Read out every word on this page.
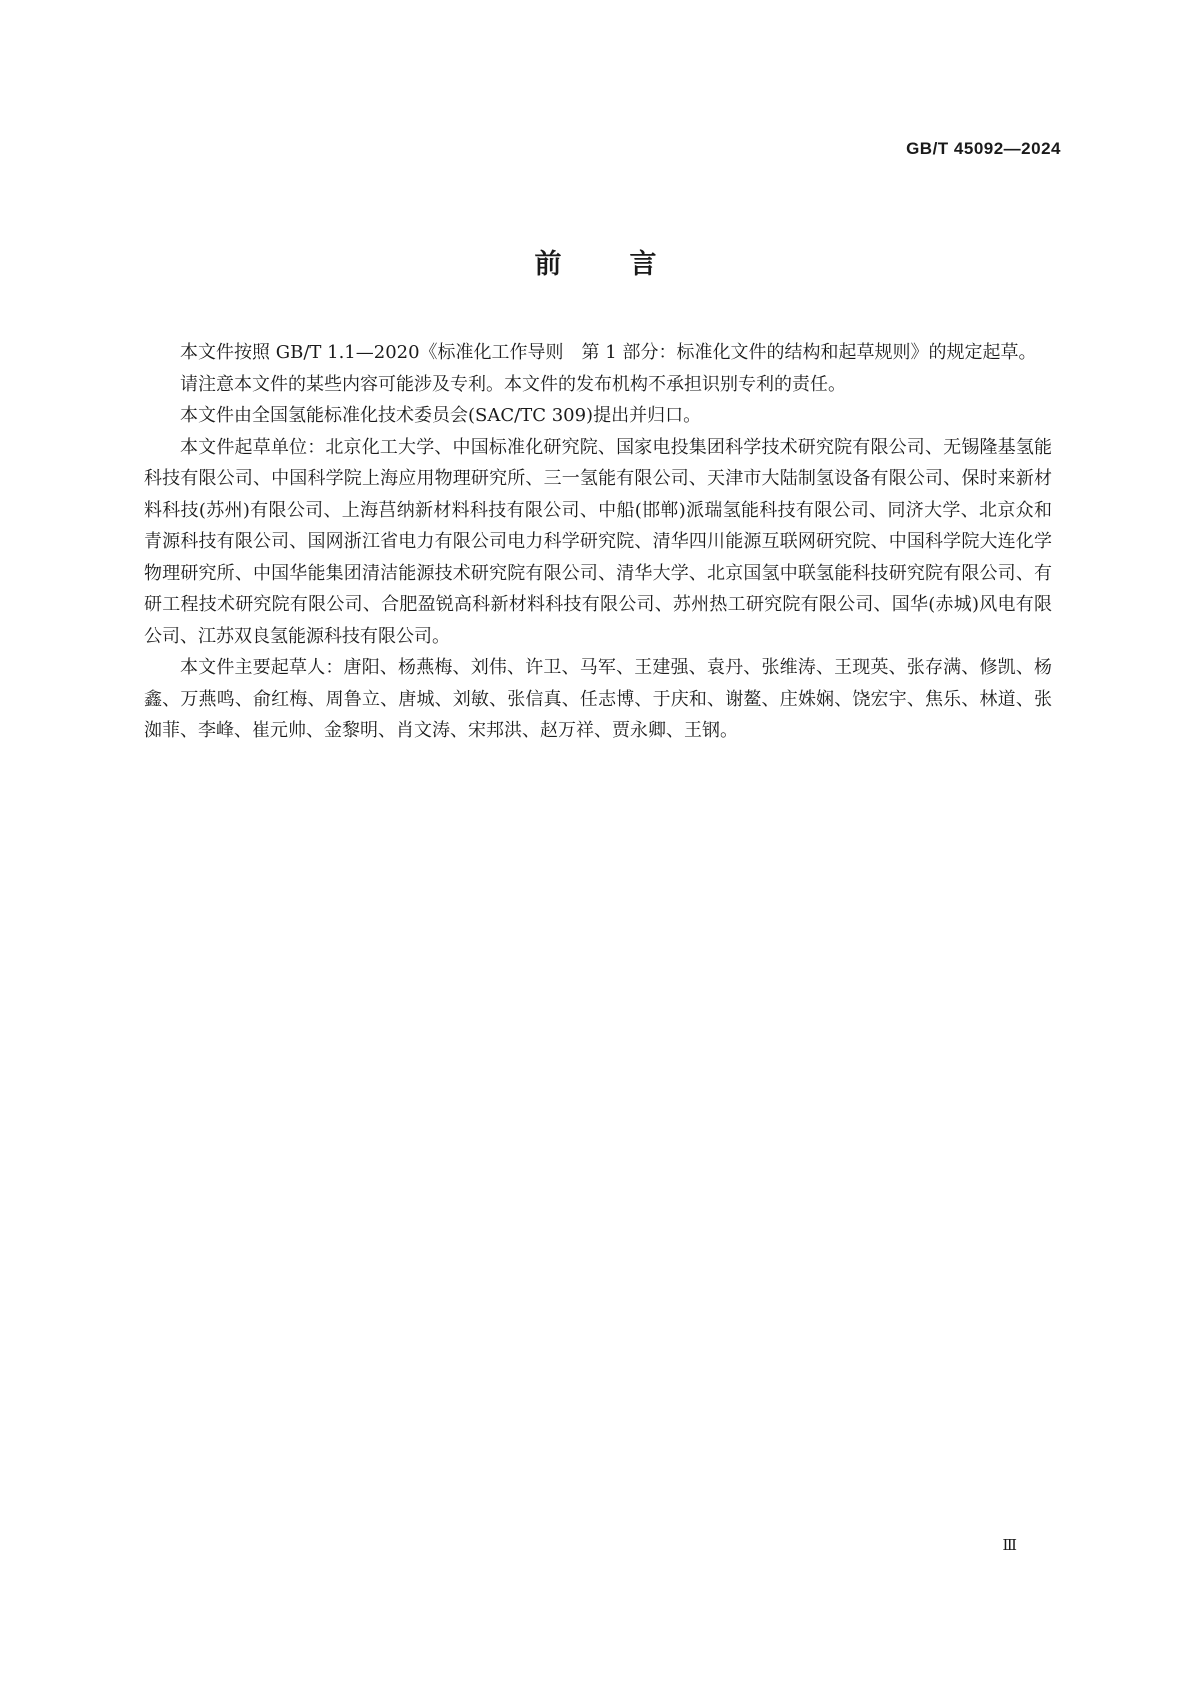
GB/T 45092—2024
前	言

本文件按照 GB/T 1.1—2020《标准化工作导则　第 1 部分：标准化文件的结构和起草规则》的规定起草。

请注意本文件的某些内容可能涉及专利。本文件的发布机构不承担识别专利的责任。

本文件由全国氢能标准化技术委员会(SAC/TC 309)提出并归口。

本文件起草单位：北京化工大学、中国标准化研究院、国家电投集团科学技术研究院有限公司、无锡隆基氢能科技有限公司、中国科学院上海应用物理研究所、三一氢能有限公司、天津市大陆制氢设备有限公司、保时来新材料科技(苏州)有限公司、上海莒纳新材料科技有限公司、中船(邯郸)派瑞氢能科技有限公司、同济大学、北京众和青源科技有限公司、国网浙江省电力有限公司电力科学研究院、清华四川能源互联网研究院、中国科学院大连化学物理研究所、中国华能集团清洁能源技术研究院有限公司、清华大学、北京国氢中联氢能科技研究院有限公司、有研工程技术研究院有限公司、合肥盈锐高科新材料科技有限公司、苏州热工研究院有限公司、国华(赤城)风电有限公司、江苏双良氢能源科技有限公司。

本文件主要起草人：唐阳、杨燕梅、刘伟、许卫、马军、王建强、袁丹、张维涛、王现英、张存满、修凯、杨鑫、万燕鸣、俞红梅、周鲁立、唐城、刘敏、张信真、任志博、于庆和、谢鳌、庄姝娴、饶宏宇、焦乐、林道、张洳菲、李峰、崔元帅、金黎明、肖文涛、宋邦洪、赵万祥、贾永卿、王钢。

Ⅲ
